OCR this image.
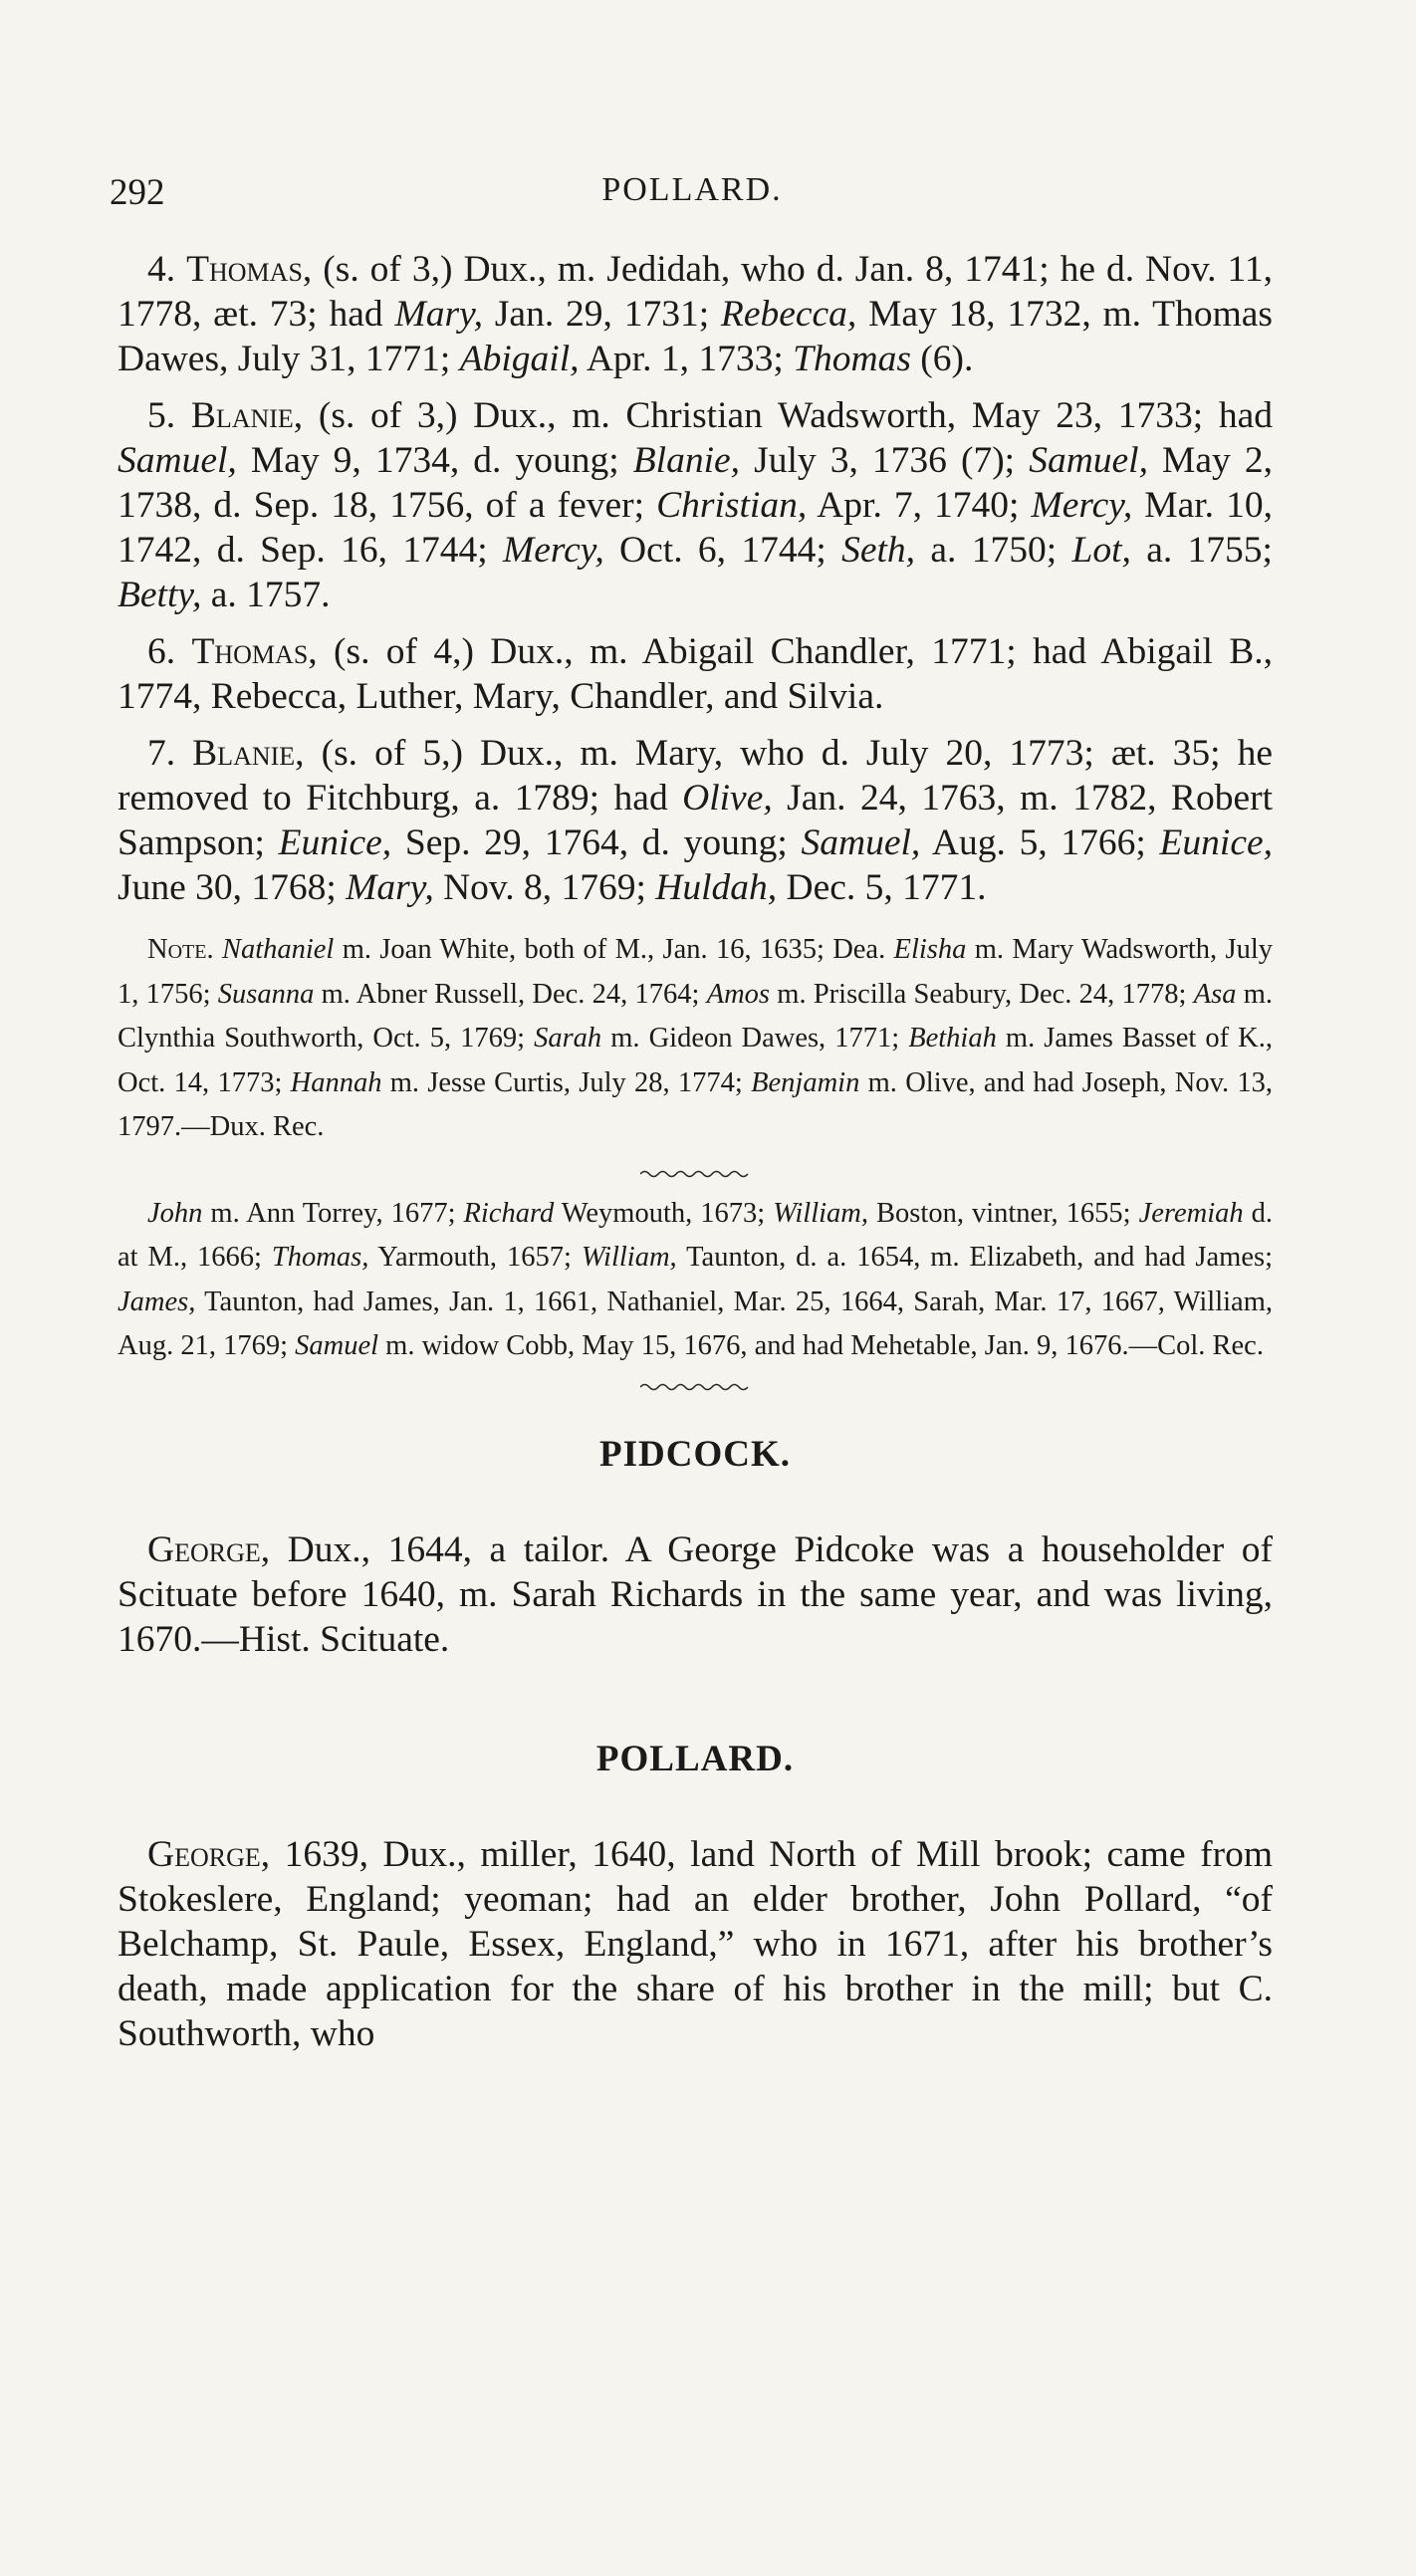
292	POLLARD.

4. Thomas, (s. of 3,) Dux., m. Jedidah, who d. Jan. 8, 1741; he d. Nov. 11, 1778, æt. 73; had Mary, Jan. 29, 1731; Rebecca, May 18, 1732, m. Thomas Dawes, July 31, 1771; Abigail, Apr. 1, 1733; Thomas (6).

5. Blanie, (s. of 3,) Dux., m. Christian Wadsworth, May 23, 1733; had Samuel, May 9, 1734, d. young; Blanie, July 3, 1736 (7); Samuel, May 2, 1738, d. Sep. 18, 1756, of a fever; Christian, Apr. 7, 1740; Mercy, Mar. 10, 1742, d. Sep. 16, 1744; Mercy, Oct. 6, 1744; Seth, a. 1750; Lot, a. 1755; Betty, a. 1757.

6. Thomas, (s. of 4,) Dux., m. Abigail Chandler, 1771; had Abigail B., 1774, Rebecca, Luther, Mary, Chandler, and Silvia.

7. Blanie, (s. of 5,) Dux., m. Mary, who d. July 20, 1773; æt. 35; he removed to Fitchburg, a. 1789; had Olive, Jan. 24, 1763, m. 1782, Robert Sampson; Eunice, Sep. 29, 1764, d. young; Samuel, Aug. 5, 1766; Eunice, June 30, 1768; Mary, Nov. 8, 1769; Huldah, Dec. 5, 1771.

Note. Nathaniel m. Joan White, both of M., Jan. 16, 1635; Dea. Elisha m. Mary Wadsworth, July 1, 1756; Susanna m. Abner Russell, Dec. 24, 1764; Amos m. Priscilla Seabury, Dec. 24, 1778; Asa m. Clynthia Southworth, Oct. 5, 1769; Sarah m. Gideon Dawes, 1771; Bethiah m. James Basset of K., Oct. 14, 1773; Hannah m. Jesse Curtis, July 28, 1774; Benjamin m. Olive, and had Joseph, Nov. 13, 1797.—Dux. Rec.

John m. Ann Torrey, 1677; Richard Weymouth, 1673; William, Boston, vintner, 1655; Jeremiah d. at M., 1666; Thomas, Yarmouth, 1657; William, Taunton, d. a. 1654, m. Elizabeth, and had James; James, Taunton, had James, Jan. 1, 1661, Nathaniel, Mar. 25, 1664, Sarah, Mar. 17, 1667, William, Aug. 21, 1769; Samuel m. widow Cobb, May 15, 1676, and had Mehetable, Jan. 9, 1676.—Col. Rec.

PIDCOCK.

George, Dux., 1644, a tailor. A George Pidcoke was a householder of Scituate before 1640, m. Sarah Richards in the same year, and was living, 1670.—Hist. Scituate.

POLLARD.

George, 1639, Dux., miller, 1640, land North of Mill brook; came from Stokeslere, England; yeoman; had an elder brother, John Pollard, “of Belchamp, St. Paule, Essex, England,” who in 1671, after his brother’s death, made application for the share of his brother in the mill; but C. Southworth, who
